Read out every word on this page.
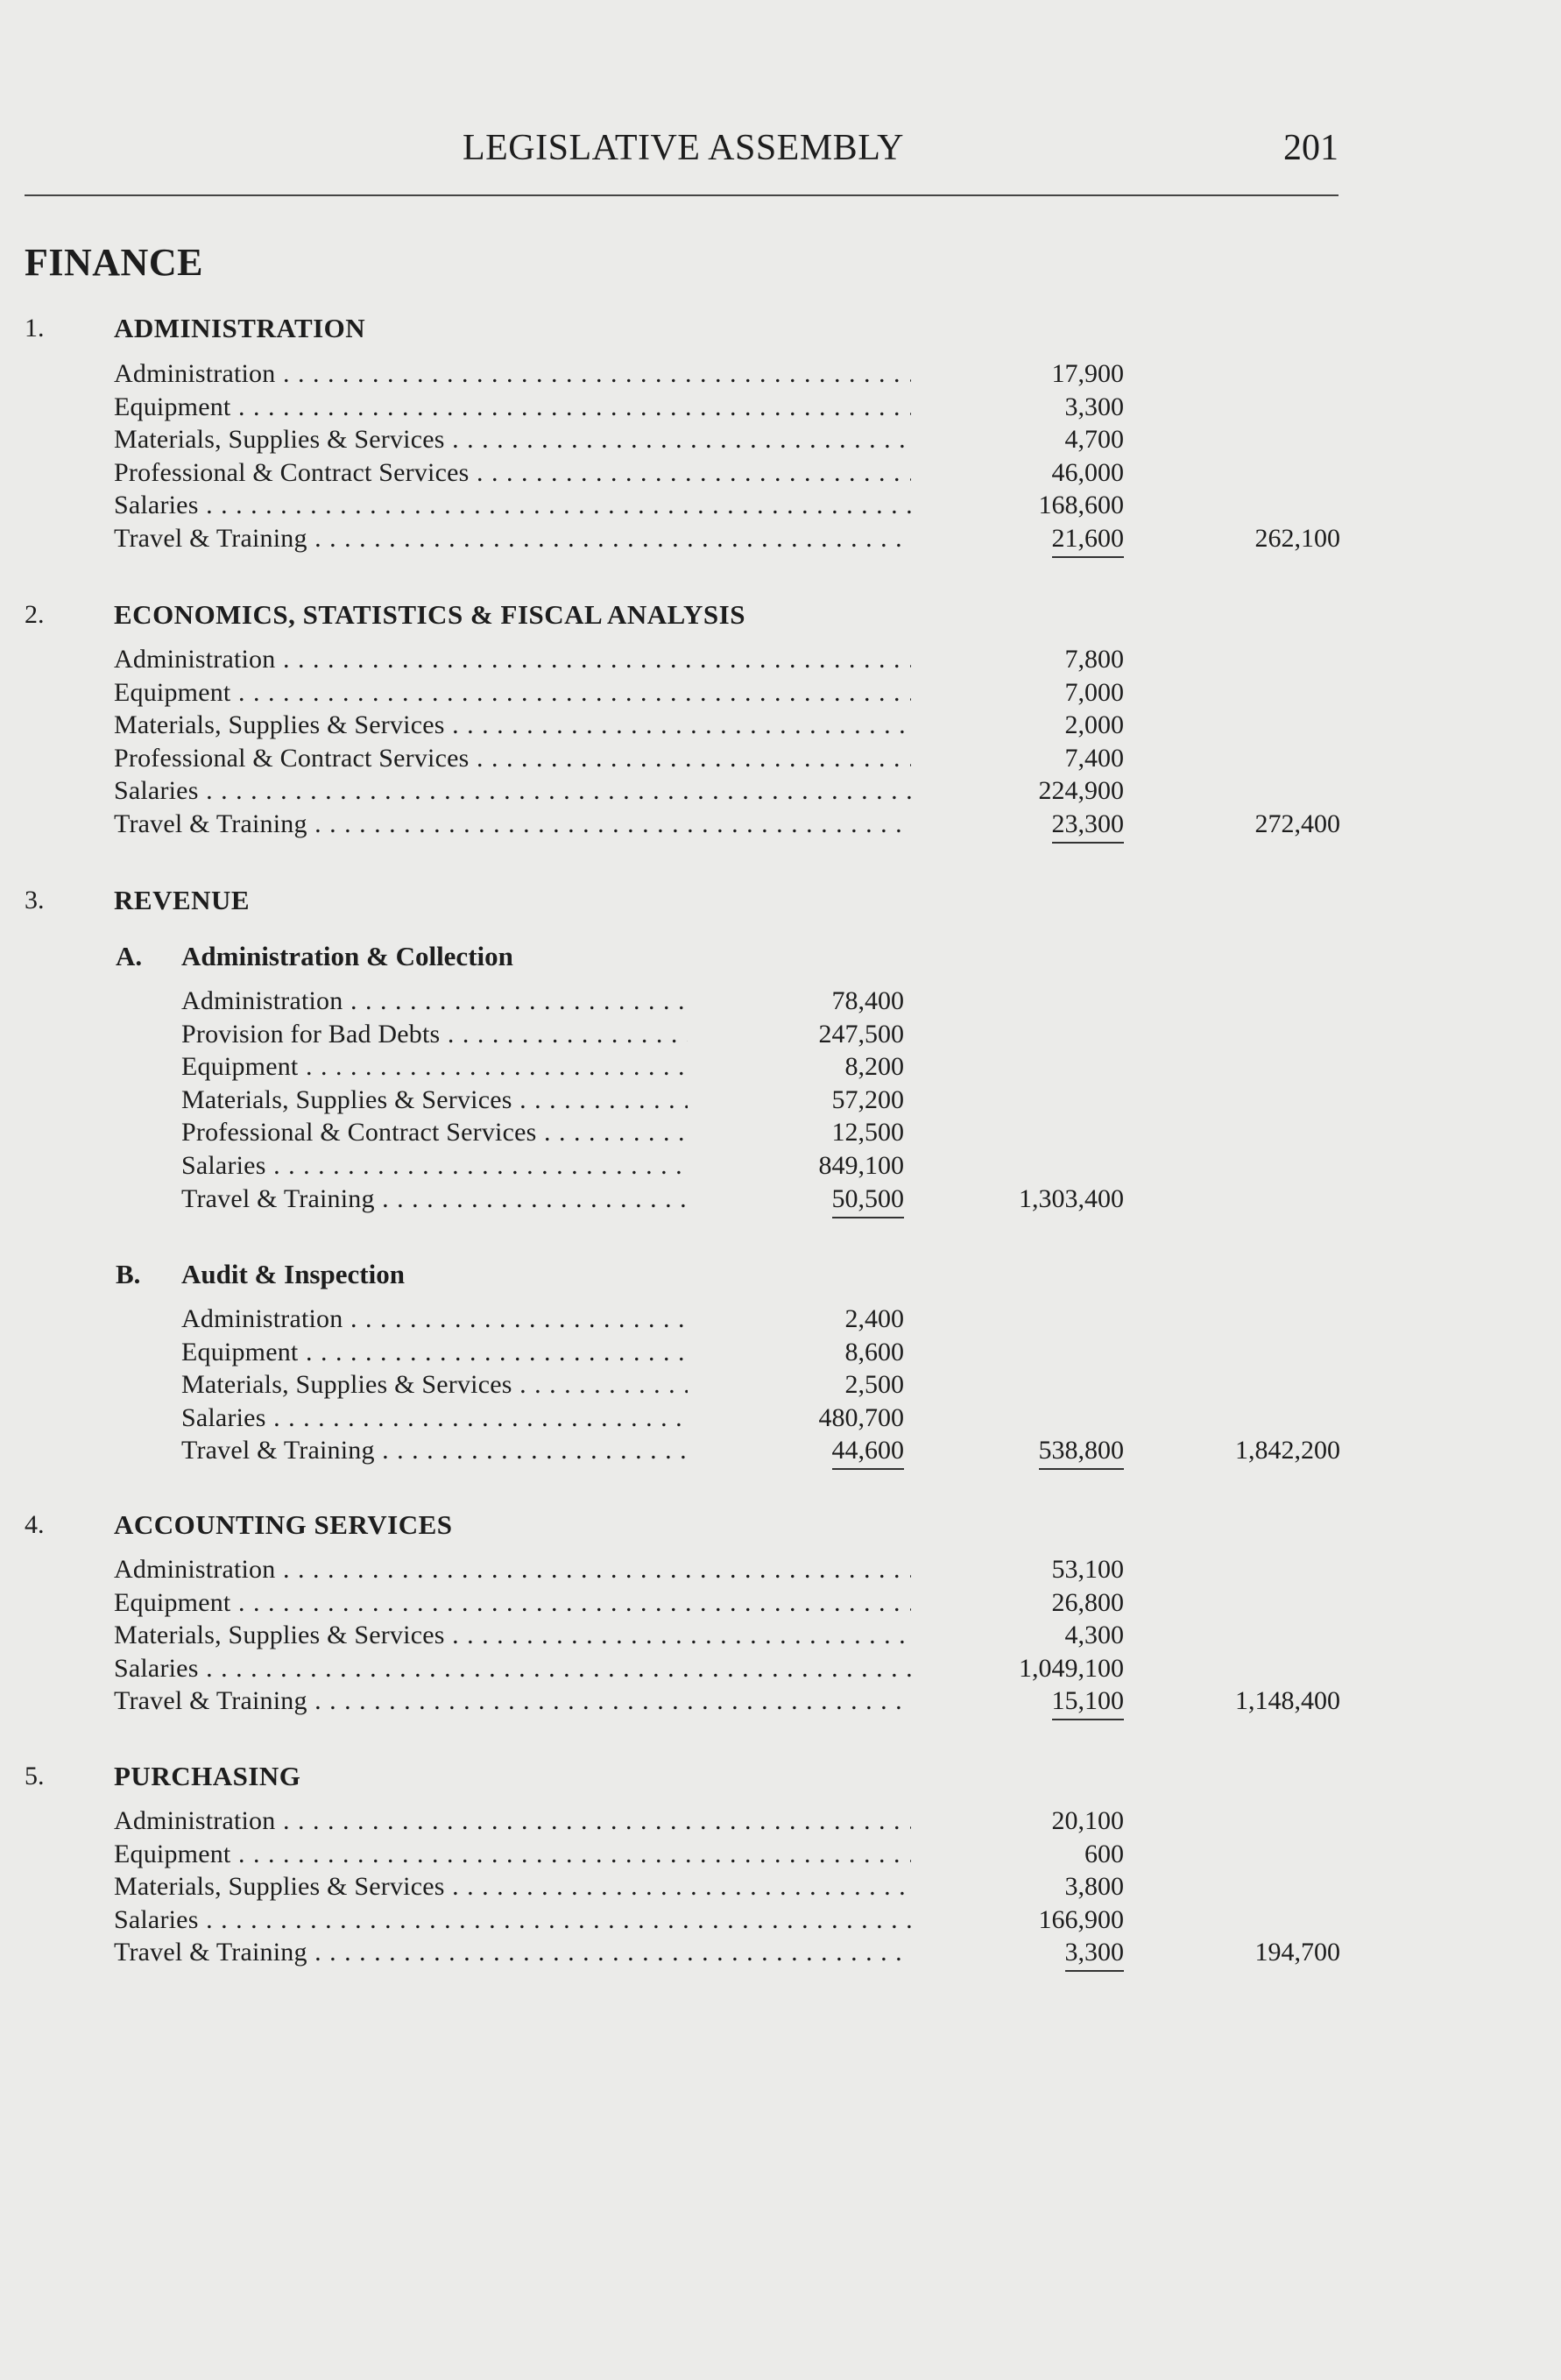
LEGISLATIVE ASSEMBLY	201
FINANCE
1.	ADMINISTRATION
Administration . . .	17,900
Equipment . . .	3,300
Materials, Supplies & Services . . .	4,700
Professional & Contract Services . . .	46,000
Salaries . . .	168,600
Travel & Training . . .	21,600	262,100
2.	ECONOMICS, STATISTICS & FISCAL ANALYSIS
Administration . . .	7,800
Equipment . . .	7,000
Materials, Supplies & Services . . .	2,000
Professional & Contract Services . . .	7,400
Salaries . . .	224,900
Travel & Training . . .	23,300	272,400
3.	REVENUE
A.	Administration & Collection
Administration . . .	78,400
Provision for Bad Debts . . .	247,500
Equipment . . .	8,200
Materials, Supplies & Services . . .	57,200
Professional & Contract Services . . .	12,500
Salaries . . .	849,100
Travel & Training . . .	50,500	1,303,400
B.	Audit & Inspection
Administration . . .	2,400
Equipment . . .	8,600
Materials, Supplies & Services . . .	2,500
Salaries . . .	480,700
Travel & Training . . .	44,600	538,800	1,842,200
4.	ACCOUNTING SERVICES
Administration . . .	53,100
Equipment . . .	26,800
Materials, Supplies & Services . . .	4,300
Salaries . . .	1,049,100
Travel & Training . . .	15,100	1,148,400
5.	PURCHASING
Administration . . .	20,100
Equipment . . .	600
Materials, Supplies & Services . . .	3,800
Salaries . . .	166,900
Travel & Training . . .	3,300	194,700
